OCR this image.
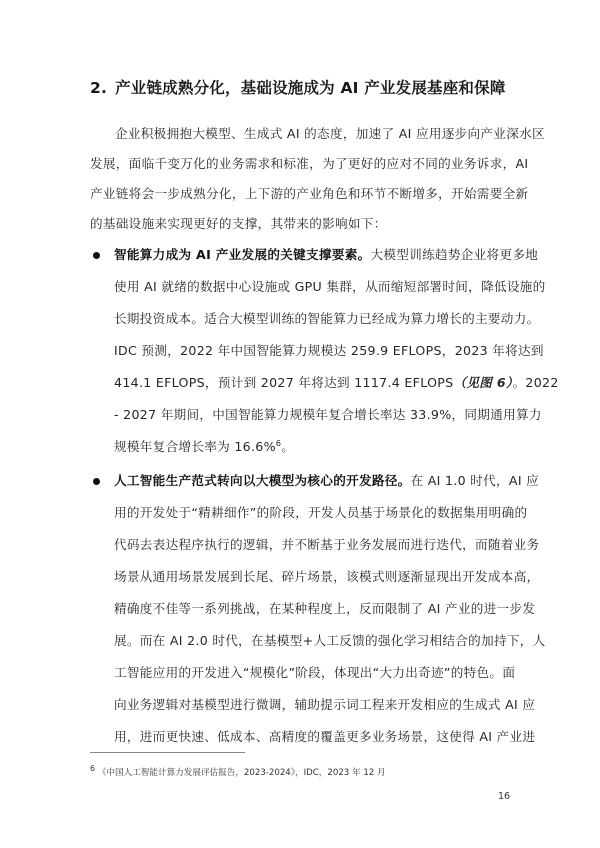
2. 产业链成熟分化，基础设施成为 AI 产业发展基座和保障
企业积极拥抱大模型、生成式 AI 的态度，加速了 AI 应用逐步向产业深水区
发展，面临千变万化的业务需求和标准，为了更好的应对不同的业务诉求，AI
产业链将会一步成熟分化，上下游的产业角色和环节不断增多，开始需要全新
的基础设施来实现更好的支撑，其带来的影响如下：
智能算力成为 AI 产业发展的关键支撑要素。大模型训练趋势企业将更多地
使用 AI 就绪的数据中心设施或 GPU 集群，从而缩短部署时间，降低设施的
长期投资成本。适合大模型训练的智能算力已经成为算力增长的主要动力。
IDC 预测，2022 年中国智能算力规模达 259.9 EFLOPS，2023 年将达到
414.1 EFLOPS，预计到 2027 年将达到 1117.4 EFLOPS（见图 6）。2022
- 2027 年期间，中国智能算力规模年复合增长率达 33.9%，同期通用算力
规模年复合增长率为 16.6%$^6$。
人工智能生产范式转向以大模型为核心的开发路径。在 AI 1.0 时代，AI 应
用的开发处于“精耕细作”的阶段，开发人员基于场景化的数据集用明确的
代码去表达程序执行的逻辑，并不断基于业务发展而进行迭代，而随着业务
场景从通用场景发展到长尾、碎片场景，该模式则逐渐显现出开发成本高，
精确度不佳等一系列挑战，在某种程度上，反而限制了 AI 产业的进一步发
展。而在 AI 2.0 时代，在基模型+人工反馈的强化学习相结合的加持下，人
工智能应用的开发进入“规模化”阶段，体现出“大力出奇迹”的特色。面
向业务逻辑对基模型进行微调，辅助提示词工程来开发相应的生成式 AI 应
用，进而更快速、低成本、高精度的覆盖更多业务场景，这使得 AI 产业进
$^6$ 《中国人工智能计算力发展评估报告，2023-2024》，IDC，2023 年 12 月
16
